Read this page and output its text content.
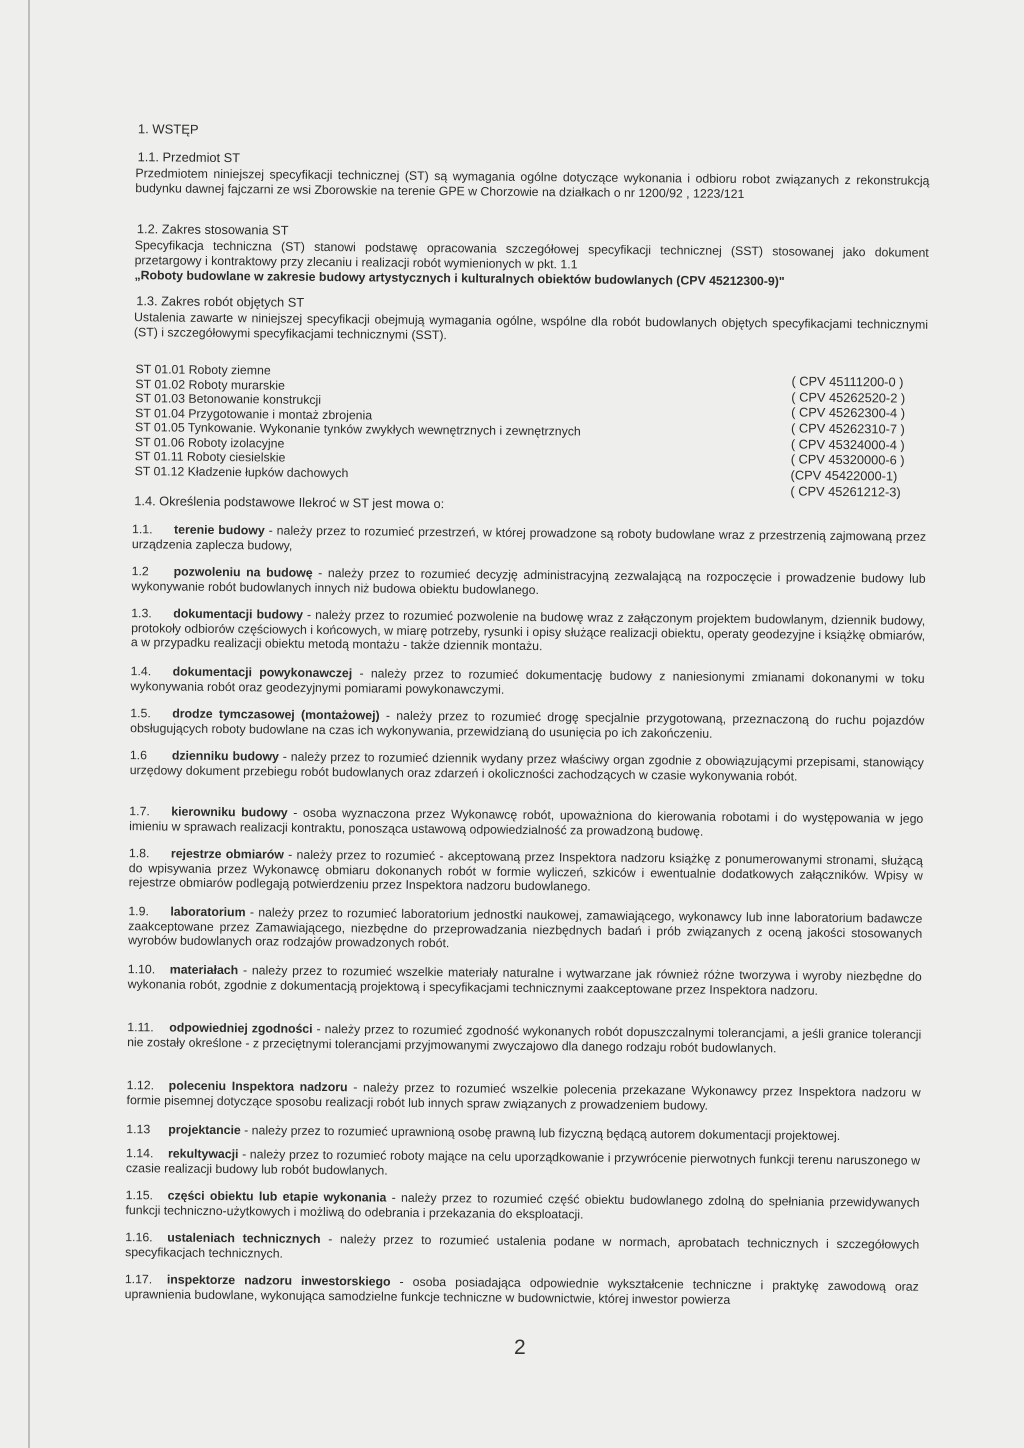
1. WSTĘP
1.1. Przedmiot ST
Przedmiotem niniejszej specyfikacji technicznej (ST) są wymagania ogólne dotyczące wykonania i odbioru robot związanych z rekonstrukcją budynku dawnej fajczarni ze wsi Zborowskie na terenie GPE w Chorzowie na działkach o nr 1200/92 , 1223/121
1.2. Zakres stosowania ST
Specyfikacja techniczna (ST) stanowi podstawę opracowania szczegółowej specyfikacji technicznej (SST) stosowanej jako dokument przetargowy i kontraktowy przy zlecaniu i realizacji robót wymienionych w pkt. 1.1
„Roboty budowlane w zakresie budowy artystycznych i kulturalnych obiektów budowlanych (CPV 45212300-9)"
1.3. Zakres robót objętych ST
Ustalenia zawarte w niniejszej specyfikacji obejmują wymagania ogólne, wspólne dla robót budowlanych objętych specyfikacjami technicznymi (ST) i szczegółowymi specyfikacjami technicznymi (SST).
ST 01.01 Roboty ziemne
ST 01.02 Roboty murarskie
ST 01.03 Betonowanie konstrukcji
ST 01.04 Przygotowanie i montaż zbrojenia
ST 01.05 Tynkowanie. Wykonanie tynków zwykłych wewnętrznych i zewnętrznych
ST 01.06 Roboty izolacyjne
ST 01.11 Roboty ciesielskie
ST 01.12 Kładzenie łupków dachowych
( CPV 45111200-0 )
( CPV 45262520-2 )
( CPV 45262300-4 )
( CPV 45262310-7 )
( CPV 45324000-4 )
( CPV 45320000-6 )
(CPV 45422000-1)
( CPV 45261212-3)
1.4. Określenia podstawowe Ilekroć w ST jest mowa o:
1.1. terenie budowy - należy przez to rozumieć przestrzeń, w której prowadzone są roboty budowlane wraz z przestrzenią zajmowaną przez urządzenia zaplecza budowy,
1.2 pozwoleniu na budowę - należy przez to rozumieć decyzję administracyjną zezwalającą na rozpoczęcie i prowadzenie budowy lub wykonywanie robót budowlanych innych niż budowa obiektu budowlanego.
1.3. dokumentacji budowy - należy przez to rozumieć pozwolenie na budowę wraz z załączonym projektem budowlanym, dziennik budowy, protokoły odbiorów częściowych i końcowych, w miarę potrzeby, rysunki i opisy służące realizacji obiektu, operaty geodezyjne i książkę obmiarów, a w przypadku realizacji obiektu metodą montażu - także dziennik montażu.
1.4. dokumentacji powykonawczej - należy przez to rozumieć dokumentację budowy z naniesionymi zmianami dokonanymi w toku wykonywania robót oraz geodezyjnymi pomiarami powykonawczymi.
1.5. drodze tymczasowej (montażowej) - należy przez to rozumieć drogę specjalnie przygotowaną, przeznaczoną do ruchu pojazdów obsługujących roboty budowlane na czas ich wykonywania, przewidzianą do usunięcia po ich zakończeniu.
1.6 dzienniku budowy - należy przez to rozumieć dziennik wydany przez właściwy organ zgodnie z obowiązującymi przepisami, stanowiący urzędowy dokument przebiegu robót budowlanych oraz zdarzeń i okoliczności zachodzących w czasie wykonywania robót.
1.7. kierowniku budowy - osoba wyznaczona przez Wykonawcę robót, upoważniona do kierowania robotami i do występowania w jego imieniu w sprawach realizacji kontraktu, ponosząca ustawową odpowiedzialność za prowadzoną budowę.
1.8. rejestrze obmiarów - należy przez to rozumieć - akceptowaną przez Inspektora nadzoru książkę z ponumerowanymi stronami, służącą do wpisywania przez Wykonawcę obmiaru dokonanych robót w formie wyliczeń, szkiców i ewentualnie dodatkowych załączników. Wpisy w rejestrze obmiarów podlegają potwierdzeniu przez Inspektora nadzoru budowlanego.
1.9. laboratorium - należy przez to rozumieć laboratorium jednostki naukowej, zamawiającego, wykonawcy lub inne laboratorium badawcze zaakceptowane przez Zamawiającego, niezbędne do przeprowadzania niezbędnych badań i prób związanych z oceną jakości stosowanych wyrobów budowlanych oraz rodzajów prowadzonych robót.
1.10. materiałach - należy przez to rozumieć wszelkie materiały naturalne i wytwarzane jak również różne tworzywa i wyroby niezbędne do wykonania robót, zgodnie z dokumentacją projektową i specyfikacjami technicznymi zaakceptowane przez Inspektora nadzoru.
1.11. odpowiedniej zgodności - należy przez to rozumieć zgodność wykonanych robót dopuszczalnymi tolerancjami, a jeśli granice tolerancji nie zostały określone - z przeciętnymi tolerancjami przyjmowanymi zwyczajowo dla danego rodzaju robót budowlanych.
1.12. poleceniu Inspektora nadzoru - należy przez to rozumieć wszelkie polecenia przekazane Wykonawcy przez Inspektora nadzoru w formie pisemnej dotyczące sposobu realizacji robót lub innych spraw związanych z prowadzeniem budowy.
1.13 projektancie - należy przez to rozumieć uprawnioną osobę prawną lub fizyczną będącą autorem dokumentacji projektowej.
1.14. rekultywacji - należy przez to rozumieć roboty mające na celu uporządkowanie i przywrócenie pierwotnych funkcji terenu naruszonego w czasie realizacji budowy lub robót budowlanych.
1.15. części obiektu lub etapie wykonania - należy przez to rozumieć część obiektu budowlanego zdolną do spełniania przewidywanych funkcji techniczno-użytkowych i możliwą do odebrania i przekazania do eksploatacji.
1.16. ustaleniach technicznych - należy przez to rozumieć ustalenia podane w normach, aprobatach technicznych i szczegółowych specyfikacjach technicznych.
1.17. inspektorze nadzoru inwestorskiego - osoba posiadająca odpowiednie wykształcenie techniczne i praktykę zawodową oraz uprawnienia budowlane, wykonująca samodzielne funkcje techniczne w budownictwie, której inwestor powierza
2
